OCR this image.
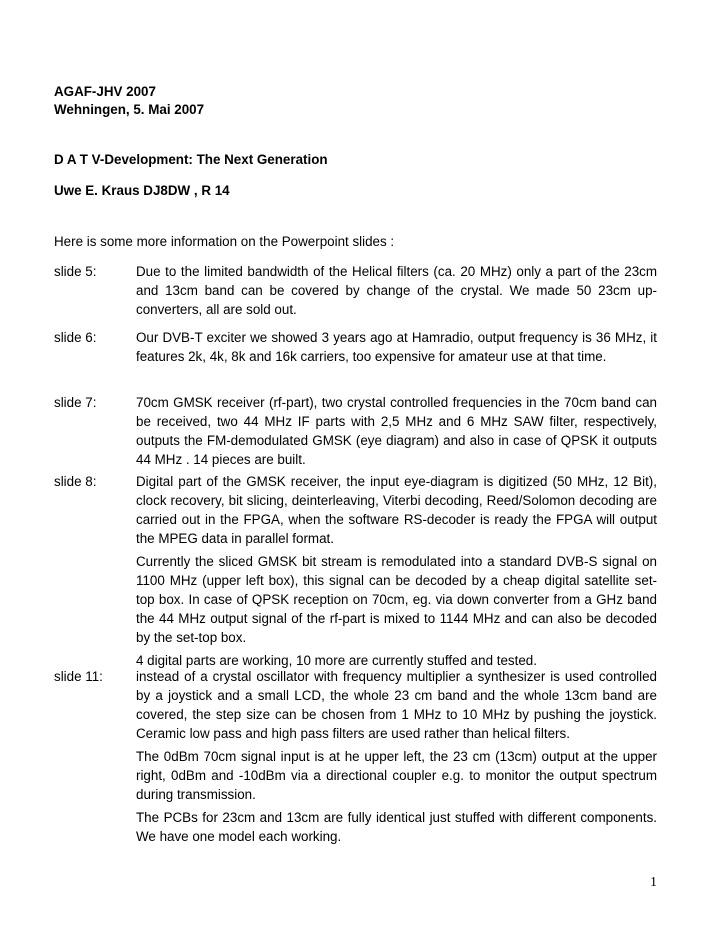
AGAF-JHV 2007
Wehningen, 5. Mai 2007
D A T V-Development: The Next Generation
Uwe E. Kraus DJ8DW , R 14
Here is some more information on the Powerpoint slides :
slide 5:	Due to the limited bandwidth of the Helical filters (ca. 20 MHz) only a part of the 23cm and 13cm band can be covered by change of the crystal. We made 50 23cm up-converters, all are sold out.

slide 6:	Our DVB-T exciter we showed 3 years ago at Hamradio, output frequency is 36 MHz, it features 2k, 4k, 8k and 16k carriers, too expensive for amateur use at that time.

slide 7:	70cm GMSK receiver (rf-part), two crystal controlled frequencies in the 70cm band can be received, two 44 MHz IF parts with 2,5 MHz and 6 MHz SAW filter, respectively, outputs the FM-demodulated GMSK (eye diagram) and also in case of QPSK it outputs 44 MHz . 14 pieces are built.

slide 8:	Digital part of the GMSK receiver, the input eye-diagram is digitized (50 MHz, 12 Bit), clock recovery, bit slicing, deinterleaving, Viterbi decoding, Reed/Solomon decoding are carried out in the FPGA, when the software RS-decoder is ready the FPGA will output the MPEG data in parallel format.

Currently the sliced GMSK bit stream is remodulated into a standard DVB-S signal on 1100 MHz (upper left box), this signal can be decoded by a cheap digital satellite set-top box. In case of QPSK reception on 70cm, eg. via down converter from a GHz band the 44 MHz output signal of the rf-part is mixed to 1144 MHz and can also be decoded by the set-top box.

4 digital parts are working, 10 more are currently stuffed and tested.

slide 11:	instead of a crystal oscillator with frequency multiplier a synthesizer is used controlled by a joystick and a small LCD, the whole 23 cm band and the whole 13cm band are covered, the step size can be chosen from 1 MHz to 10 MHz by pushing the joystick. Ceramic low pass and high pass filters are used rather than helical filters.

The 0dBm 70cm signal input is at he upper left, the 23 cm (13cm) output at the upper right, 0dBm and -10dBm via a directional coupler e.g. to monitor the output spectrum during transmission.

The PCBs for 23cm and 13cm are fully identical just stuffed with different components. We have one model each working.

1
